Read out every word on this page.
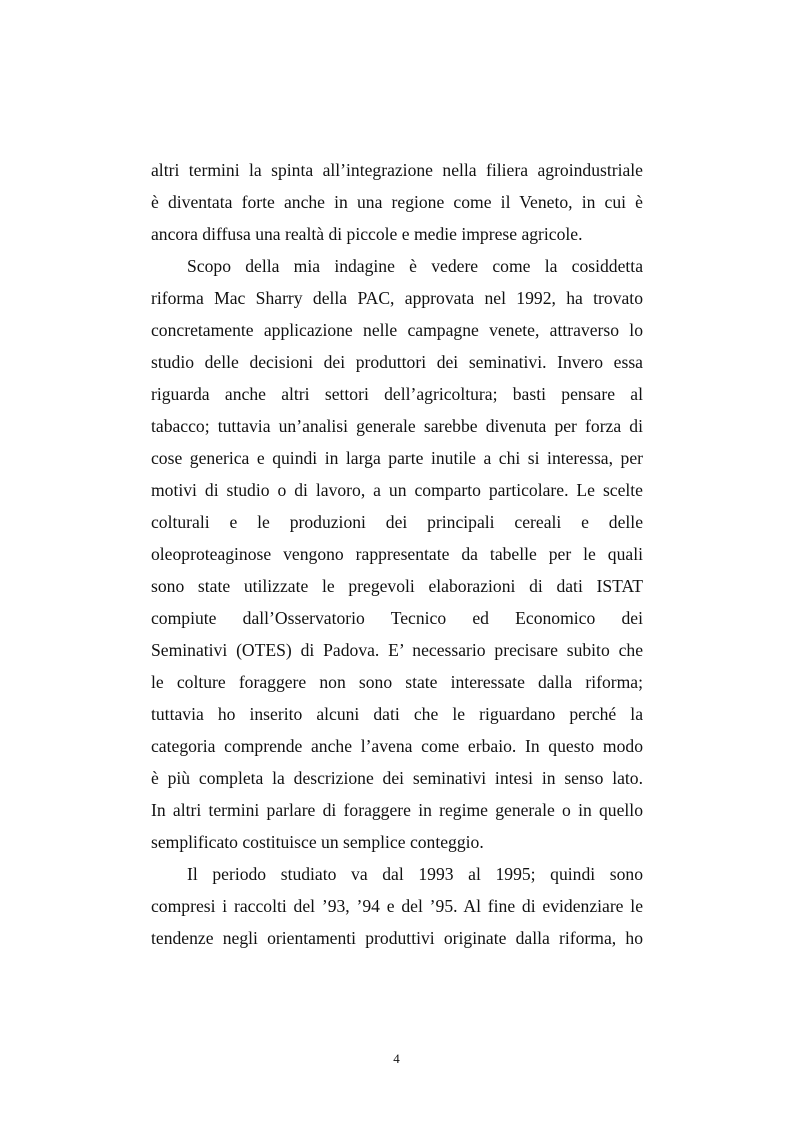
altri termini la spinta all’integrazione nella filiera agroindustriale
è diventata forte anche in una regione come il Veneto, in cui è
ancora diffusa una realtà di piccole e medie imprese agricole.
Scopo della mia indagine è vedere come la cosiddetta
riforma Mac Sharry della PAC, approvata nel 1992, ha trovato
concretamente applicazione nelle campagne venete, attraverso lo
studio delle decisioni dei produttori dei seminativi. Invero essa
riguarda anche altri settori dell’agricoltura; basti pensare al
tabacco; tuttavia un’analisi generale sarebbe divenuta per forza di
cose generica e quindi in larga parte inutile a chi si interessa, per
motivi di studio o di lavoro, a un comparto particolare. Le scelte
colturali e le produzioni dei principali cereali e delle
oleoproteaginose vengono rappresentate da tabelle per le quali
sono state utilizzate le pregevoli elaborazioni di dati ISTAT
compiute dall’Osservatorio Tecnico ed Economico dei
Seminativi (OTES) di Padova. E’ necessario precisare subito che
le colture foraggere non sono state interessate dalla riforma;
tuttavia ho inserito alcuni dati che le riguardano perché la
categoria comprende anche l’avena come erbaio. In questo modo
è più completa la descrizione dei seminativi intesi in senso lato.
In altri termini parlare di foraggere in regime generale o in quello
semplificato costituisce un semplice conteggio.
Il periodo studiato va dal 1993 al 1995; quindi sono
compresi i raccolti del ’93, ’94 e del ’95. Al fine di evidenziare le
tendenze negli orientamenti produttivi originate dalla riforma, ho
4
